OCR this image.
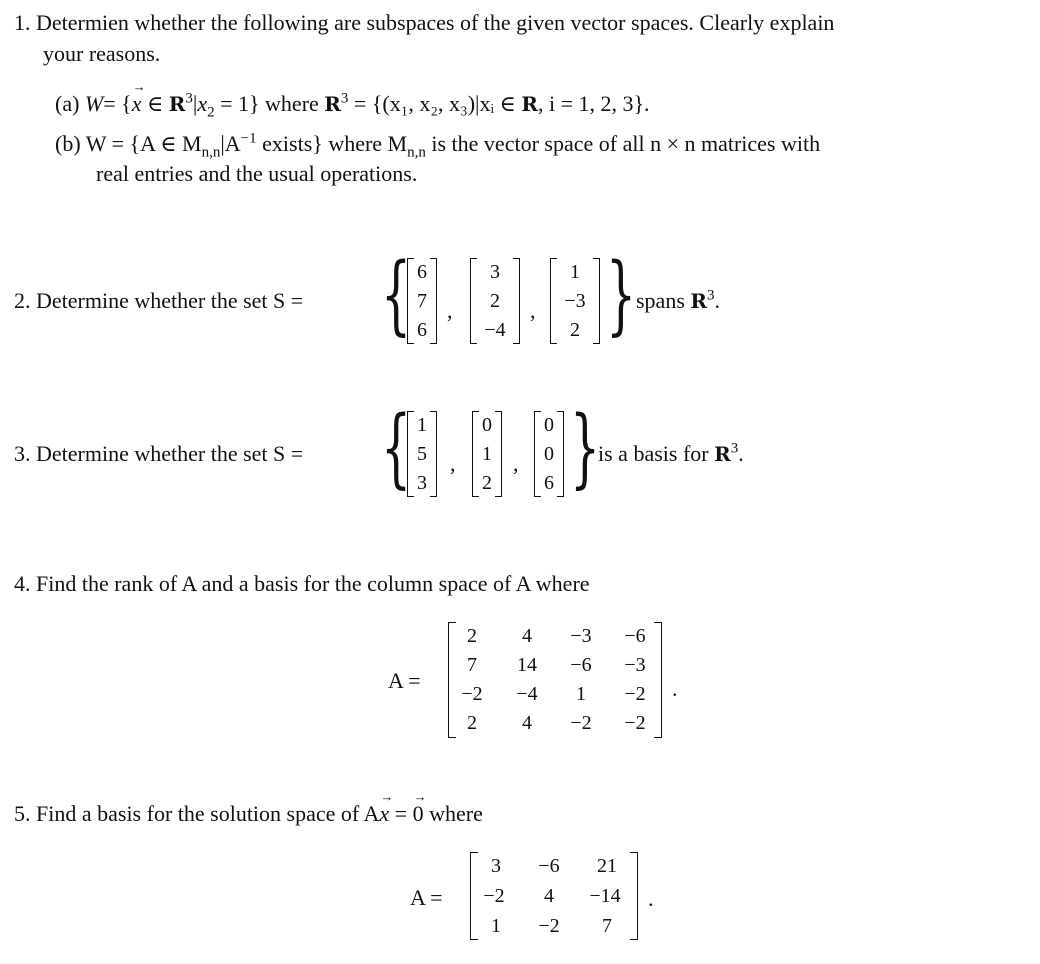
1. Determien whether the following are subspaces of the given vector spaces. Clearly explain
your reasons.
(a) W= {x → ∈ $R^3|x_2 = 1$} where $R^3 = \{(x_1$, x₂, x₃)|xᵢ ∈ R, i = 1, 2, 3}.
(b) W = {A ∈ $M_{n,n}|A^{-1}$ exists} where $M_{n,n}$ is the vector space of all n × n matrices with
real entries and the usual operations.
2. Determine whether the set S = { 6
7
6
,
3
2
−4
,
1
−3
2 } spans $R^3$.
3. Determine whether the set S = { 1
5
3
,
0
1
2
,
0
0
6 }
is a basis for $R^3$.
4. Find the rank of A and a basis for the column space of A where
A =
2	4	−3	−6
7	14	−6	−3
−2	−4	1	−2
2	4	−2	−2
.
5. Find a basis for the solution space of Ax → = 0 → where
A =
3	−6	21
−2	4	−14
1	−2	7
.
